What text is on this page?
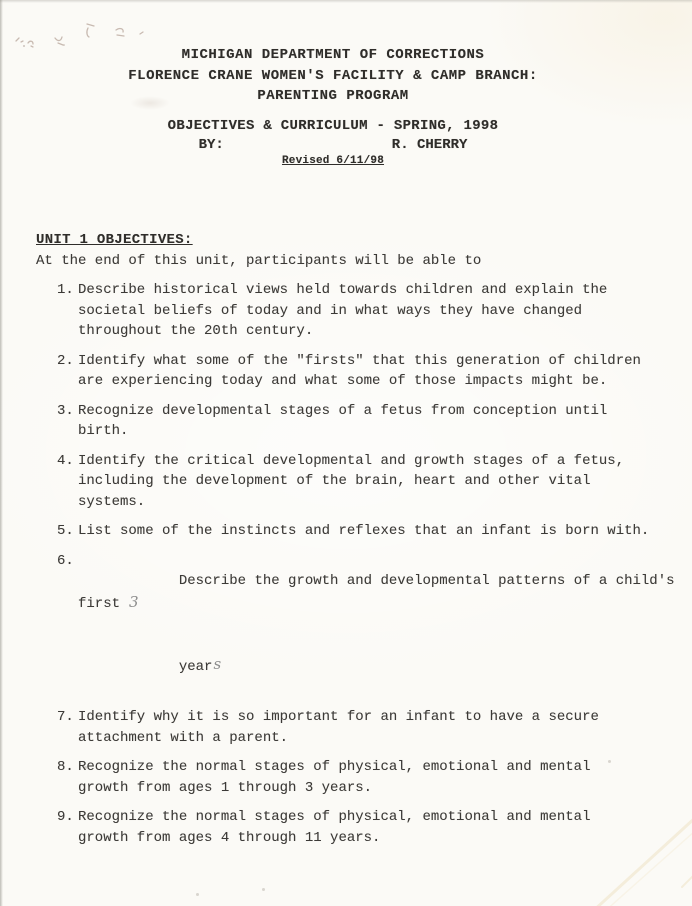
MICHIGAN DEPARTMENT OF CORRECTIONS
FLORENCE CRANE WOMEN'S FACILITY & CAMP BRANCH:
PARENTING PROGRAM
OBJECTIVES & CURRICULUM - SPRING, 1998
BY:	R. CHERRY
Revised 6/11/98
UNIT 1 OBJECTIVES:
At the end of this unit, participants will be able to
1. Describe historical views held towards children and explain the
societal beliefs of today and in what ways they have changed
throughout the 20th century.
2. Identify what some of the "firsts" that this generation of children
are experiencing today and what some of those impacts might be.
3. Recognize developmental stages of a fetus from conception until
birth.
4. Identify the critical developmental and growth stages of a fetus,
including the development of the brain, heart and other vital
systems.
5. List some of the instincts and reflexes that an infant is born with.
6.

Describe the growth and developmental patterns of a child's first 3

years

7. Identify why it is so important for an infant to have a secure
attachment with a parent.
8. Recognize the normal stages of physical, emotional and mental
growth from ages 1 through 3 years.
9. Recognize the normal stages of physical, emotional and mental
growth from ages 4 through 11 years.
